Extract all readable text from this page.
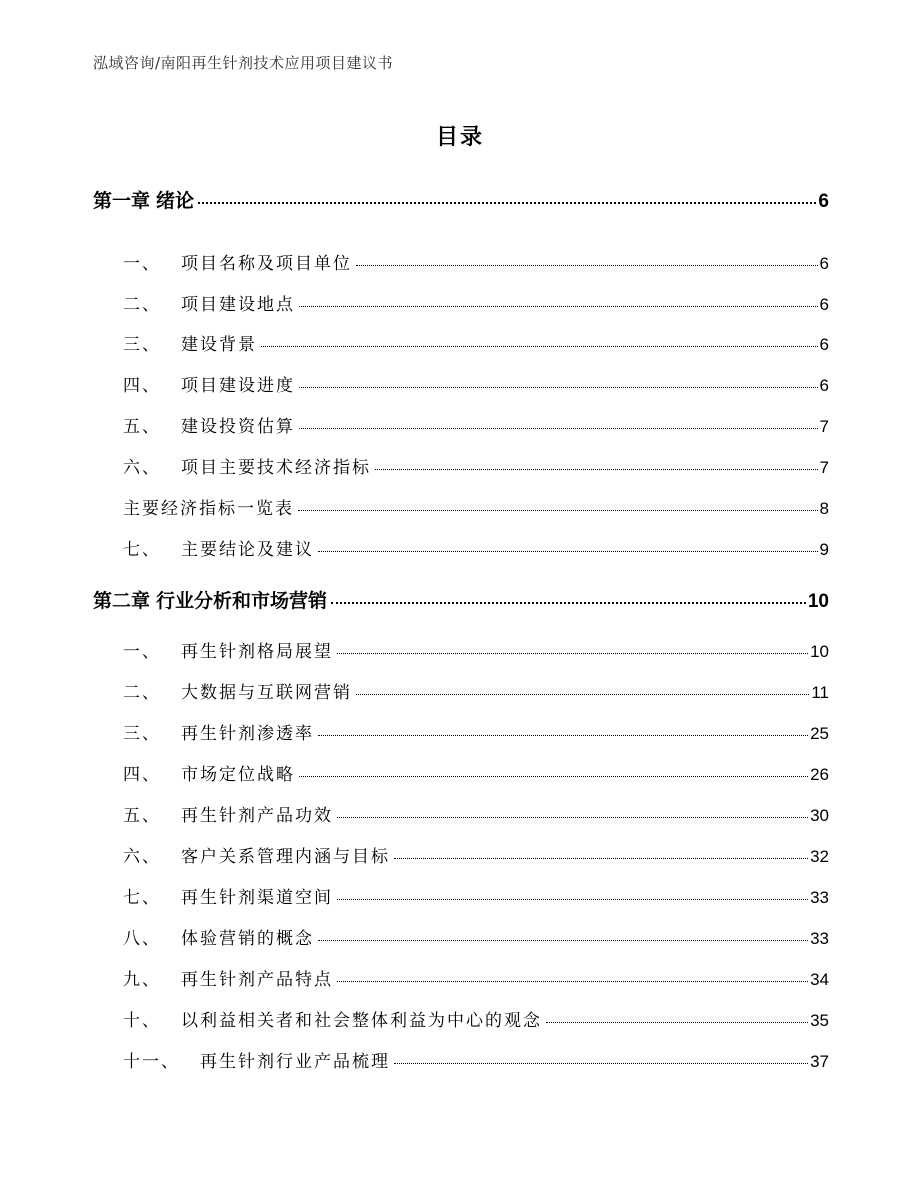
泓域咨询/南阳再生针剂技术应用项目建议书
目录
第一章 绪论	6
一、 项目名称及项目单位	6
二、 项目建设地点	6
三、 建设背景	6
四、 项目建设进度	6
五、 建设投资估算	7
六、 项目主要技术经济指标	7
主要经济指标一览表	8
七、 主要结论及建议	9
第二章 行业分析和市场营销	10
一、 再生针剂格局展望	10
二、 大数据与互联网营销	11
三、 再生针剂渗透率	25
四、 市场定位战略	26
五、 再生针剂产品功效	30
六、 客户关系管理内涵与目标	32
七、 再生针剂渠道空间	33
八、 体验营销的概念	33
九、 再生针剂产品特点	34
十、 以利益相关者和社会整体利益为中心的观念	35
十一、 再生针剂行业产品梳理	37
